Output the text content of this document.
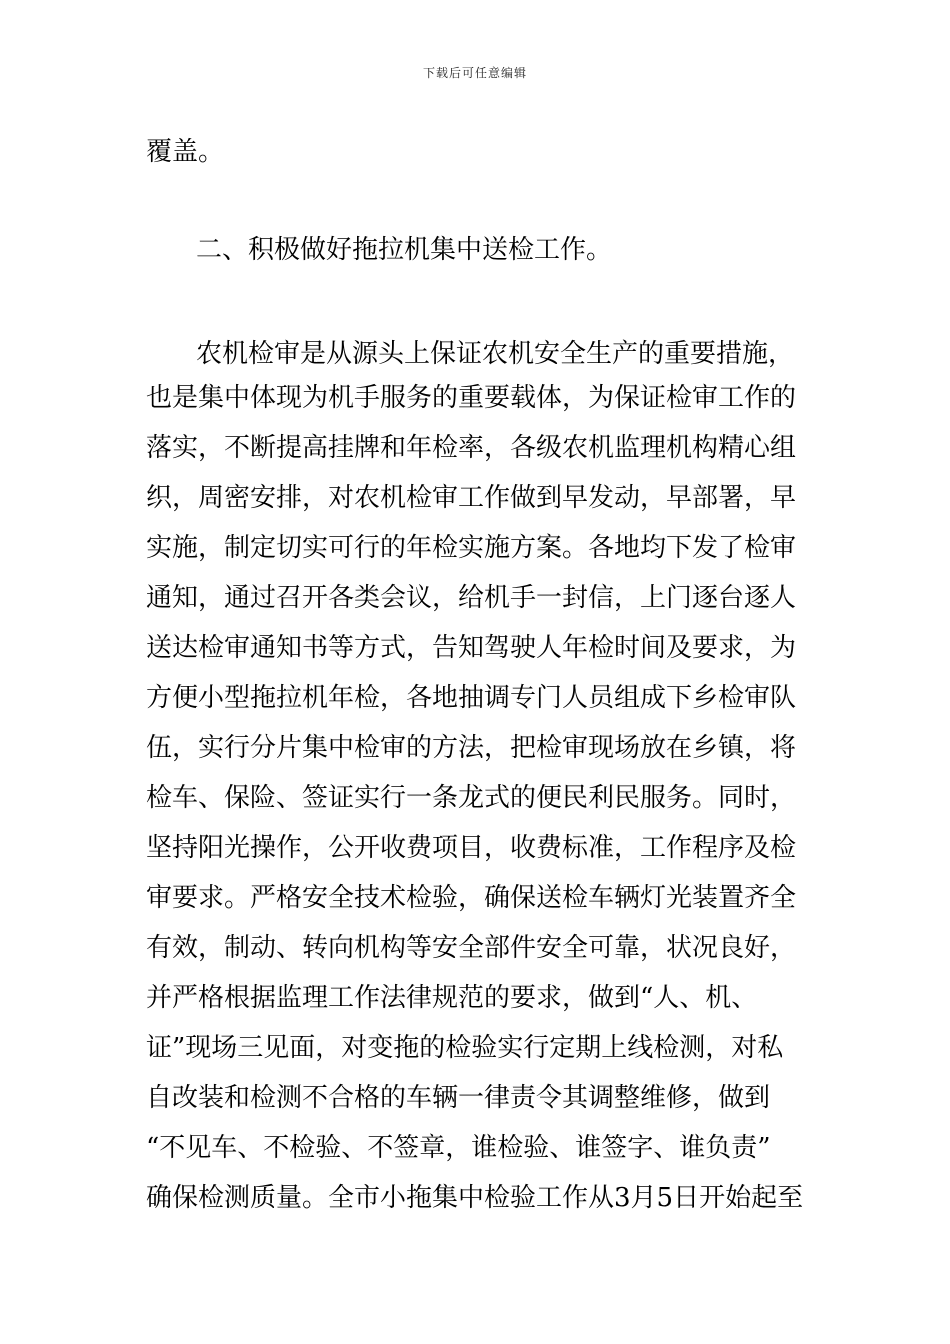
下载后可任意编辑
覆盖。
二、积极做好拖拉机集中送检工作。
农机检审是从源头上保证农机安全生产的重要措施，
也是集中体现为机手服务的重要载体，为保证检审工作的
落实，不断提高挂牌和年检率，各级农机监理机构精心组
织，周密安排，对农机检审工作做到早发动，早部署，早
实施，制定切实可行的年检实施方案。各地均下发了检审
通知，通过召开各类会议，给机手一封信，上门逐台逐人
送达检审通知书等方式，告知驾驶人年检时间及要求，为
方便小型拖拉机年检，各地抽调专门人员组成下乡检审队
伍，实行分片集中检审的方法，把检审现场放在乡镇，将
检车、保险、签证实行一条龙式的便民利民服务。同时，
坚持阳光操作，公开收费项目，收费标准，工作程序及检
审要求。严格安全技术检验，确保送检车辆灯光装置齐全
有效，制动、转向机构等安全部件安全可靠，状况良好，
并严格根据监理工作法律规范的要求，做到“人、机、
证”现场三见面，对变拖的检验实行定期上线检测，对私
自改装和检测不合格的车辆一律责令其调整维修，做到
“不见车、不检验、不签章，谁检验、谁签字、谁负责”
确保检测质量。全市小拖集中检验工作从3月5日开始起至
